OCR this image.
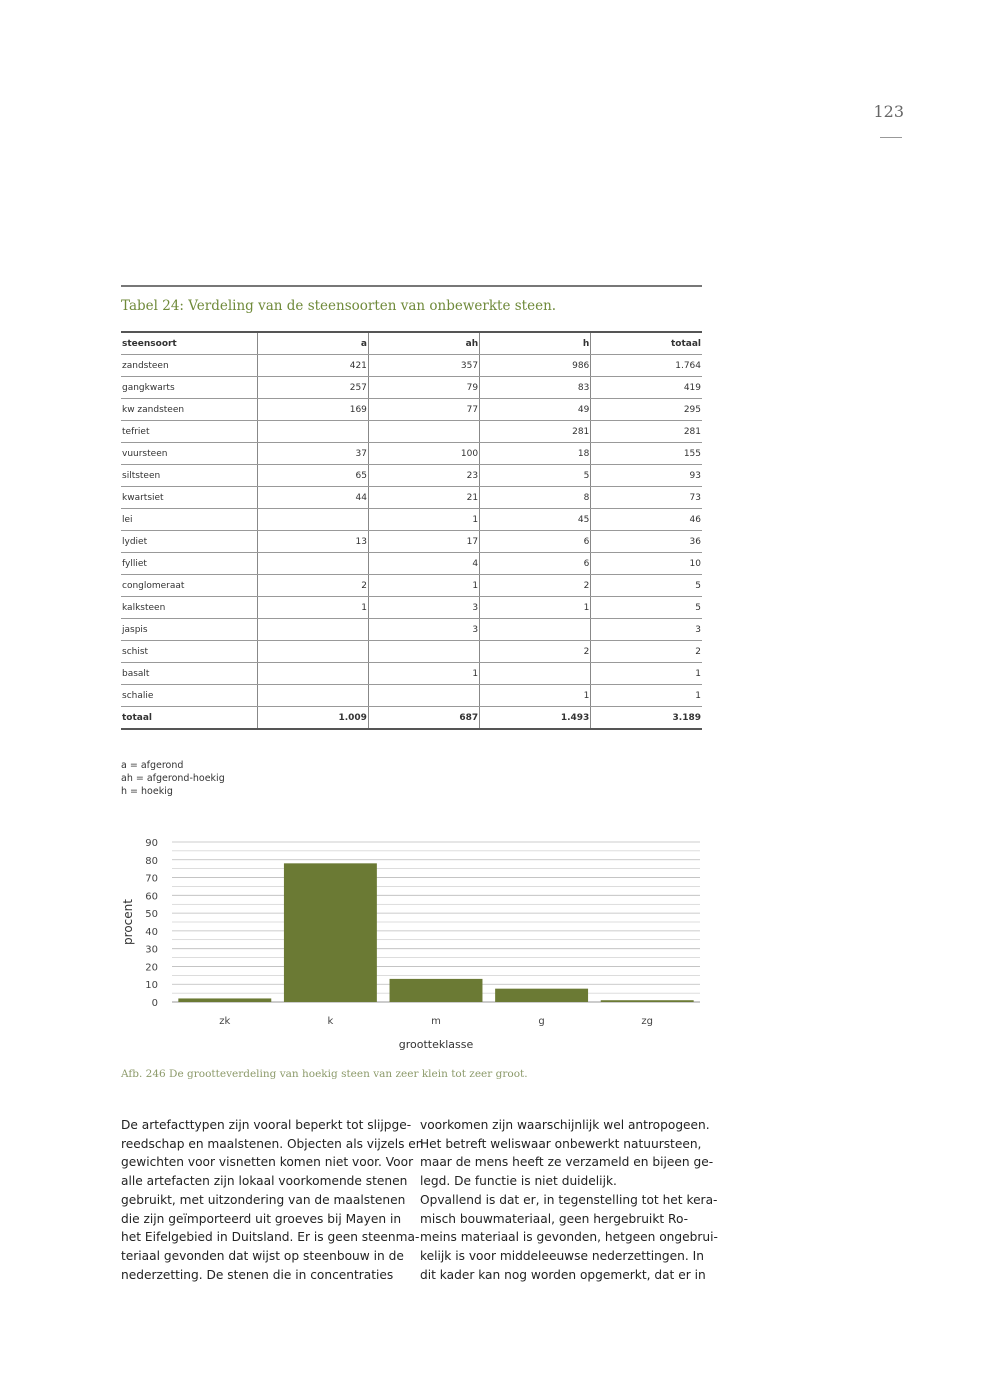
123
Tabel 24: Verdeling van de steensoorten van onbewerkte steen.
steensoort	a	ah	h	totaal
zandsteen	421	357	986	1.764
gangkwarts	257	79	83	419
kw zandsteen	169	77	49	295
tefriet			281	281
vuursteen	37	100	18	155
siltsteen	65	23	5	93
kwartsiet	44	21	8	73
lei		1	45	46
lydiet	13	17	6	36
fylliet		4	6	10
conglomeraat	2	1	2	5
kalksteen	1	3	1	5
jaspis		3		3
schist			2	2
basalt		1		1
schalie			1	1
totaal	1.009	687	1.493	3.189
a = afgerond
ah = afgerond-hoekig
h = hoekig
0
10
20
30
40
50
60
70
80
90
zk	k	m	g	zg
grootteklasse
procent
Afb. 246 De grootteverdeling van hoekig steen van zeer klein tot zeer groot.
De artefacttypen zijn vooral beperkt tot slijpge-
reedschap en maalstenen. Objecten als vijzels en
gewichten voor visnetten komen niet voor. Voor
alle artefacten zijn lokaal voorkomende stenen
gebruikt, met uitzondering van de maalstenen
die zijn geïmporteerd uit groeves bij Mayen in
het Eifelgebied in Duitsland. Er is geen steenma-
teriaal gevonden dat wijst op steenbouw in de
nederzetting. De stenen die in concentraties
voorkomen zijn waarschijnlijk wel antropogeen.
Het betreft weliswaar onbewerkt natuursteen,
maar de mens heeft ze verzameld en bijeen ge-
legd. De functie is niet duidelijk.
Opvallend is dat er, in tegenstelling tot het kera-
misch bouwmateriaal, geen hergebruikt Ro-
meins materiaal is gevonden, hetgeen ongebrui-
kelijk is voor middeleeuwse nederzettingen. In
dit kader kan nog worden opgemerkt, dat er in
